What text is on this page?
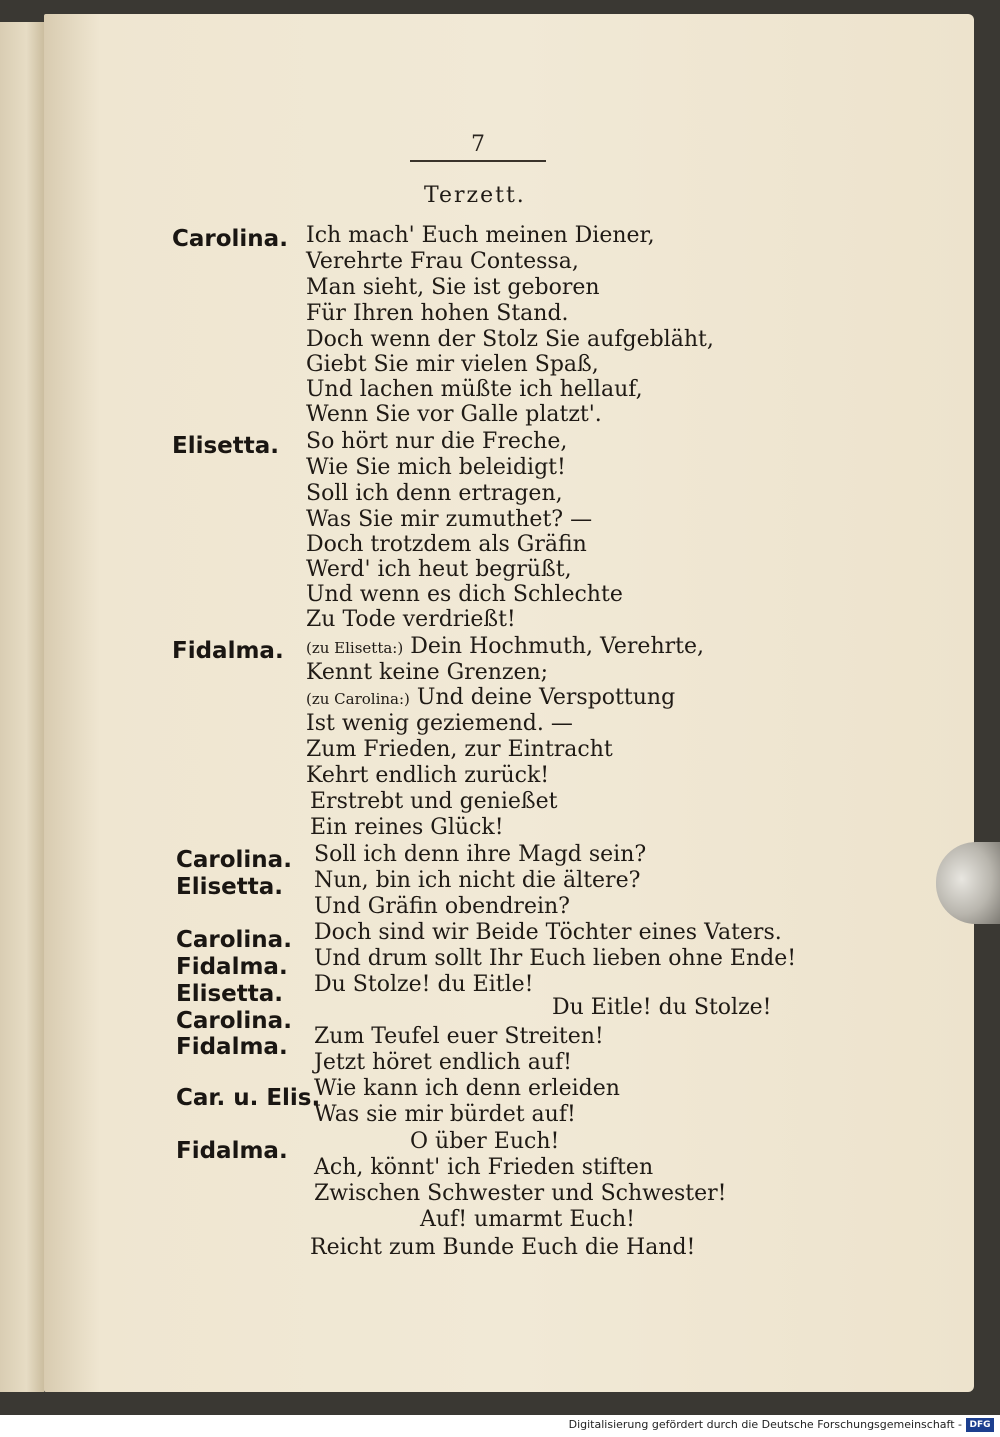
7
Terzett.
Carolina.
Elisetta.
Fidalma.
Carolina.
Elisetta.
Carolina.
Fidalma.
Elisetta.
Carolina.
Fidalma.
Car. u. Elis.
Fidalma.
Ich mach' Euch meinen Diener,
Verehrte Frau Contessa,
Man sieht, Sie ist geboren
Für Ihren hohen Stand.
Doch wenn der Stolz Sie aufgebläht,
Giebt Sie mir vielen Spaß,
Und lachen müßte ich hellauf,
Wenn Sie vor Galle platzt'.
So hört nur die Freche,
Wie Sie mich beleidigt!
Soll ich denn ertragen,
Was Sie mir zumuthet? —
Doch trotzdem als Gräfin
Werd' ich heut begrüßt,
Und wenn es dich Schlechte
Zu Tode verdrießt!
(zu Elisetta:) Dein Hochmuth, Verehrte,
Kennt keine Grenzen;
(zu Carolina:) Und deine Verspottung
Ist wenig geziemend. —
Zum Frieden, zur Eintracht
Kehrt endlich zurück!
Erstrebt und genießet
Ein reines Glück!
Soll ich denn ihre Magd sein?
Nun, bin ich nicht die ältere?
Und Gräfin obendrein?
Doch sind wir Beide Töchter eines Vaters.
Und drum sollt Ihr Euch lieben ohne Ende!
Du Stolze! du Eitle!
Du Eitle! du Stolze!
Zum Teufel euer Streiten!
Jetzt höret endlich auf!
Wie kann ich denn erleiden
Was sie mir bürdet auf!
O über Euch!
Ach, könnt' ich Frieden stiften
Zwischen Schwester und Schwester!
Auf! umarmt Euch!
Reicht zum Bunde Euch die Hand!
Digitalisierung gefördert durch die Deutsche Forschungsgemeinschaft - DFG
